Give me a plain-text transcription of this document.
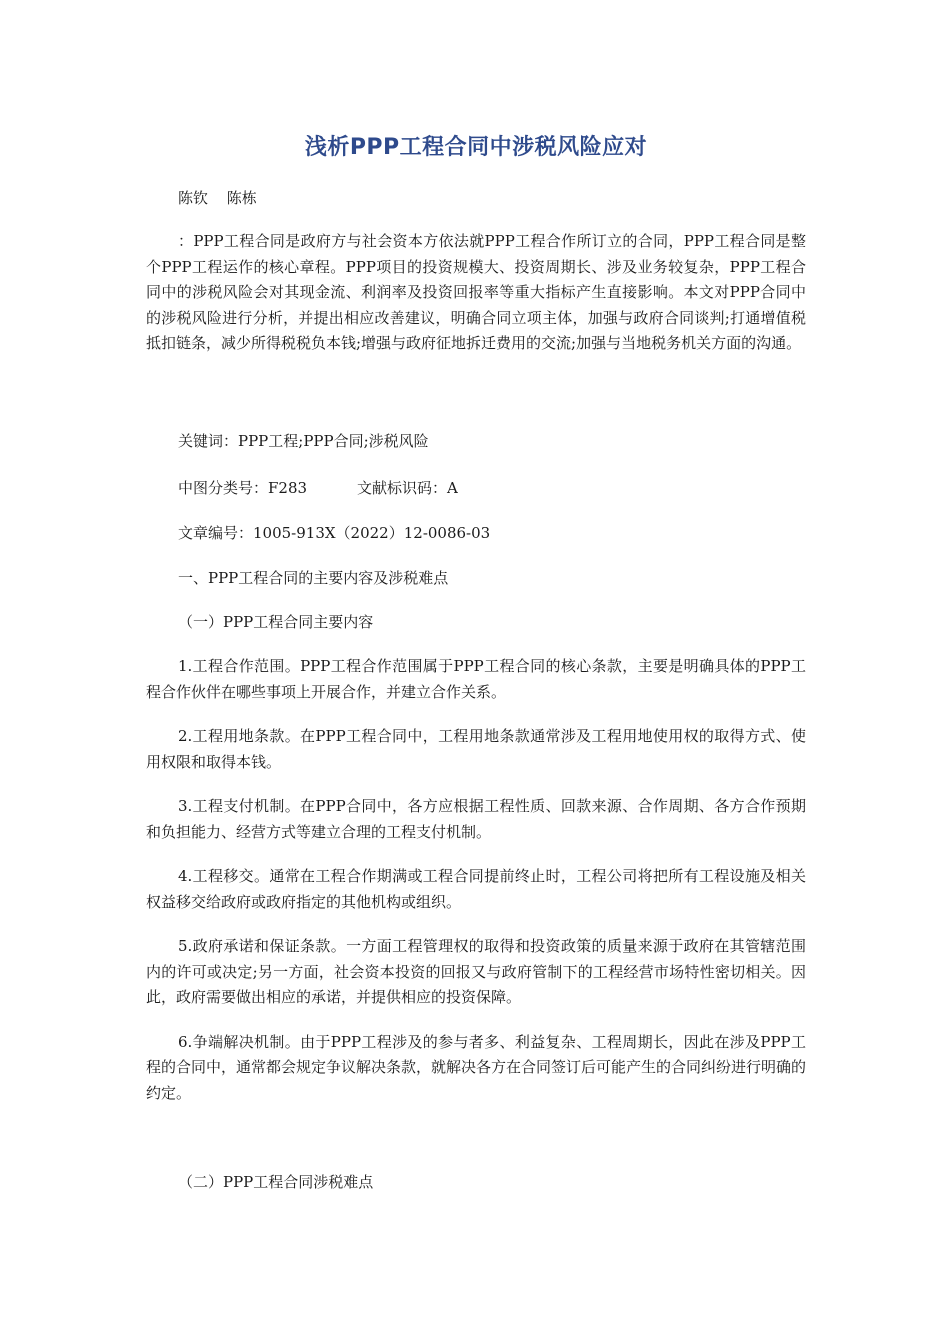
浅析PPP工程合同中涉税风险应对
陈钦 陈栋

：PPP工程合同是政府方与社会资本方依法就PPP工程合作所订立的合同，PPP工程合同是整个PPP工程运作的核心章程。PPP项目的投资规模大、投资周期长、涉及业务较复杂，PPP工程合同中的涉税风险会对其现金流、利润率及投资回报率等重大指标产生直接影响。本文对PPP合同中的涉税风险进行分析，并提出相应改善建议，明确合同立项主体，加强与政府合同谈判;打通增值税抵扣链条，减少所得税税负本钱;增强与政府征地拆迁费用的交流;加强与当地税务机关方面的沟通。

关键词：PPP工程;PPP合同;涉税风险
中图分类号：F283	文献标识码：A
文章编号：1005-913X（2022）12-0086-03
一、PPP工程合同的主要内容及涉税难点
（一）PPP工程合同主要内容

1.工程合作范围。PPP工程合作范围属于PPP工程合同的核心条款，主要是明确具体的PPP工程合作伙伴在哪些事项上开展合作，并建立合作关系。

2.工程用地条款。在PPP工程合同中，工程用地条款通常涉及工程用地使用权的取得方式、使用权限和取得本钱。

3.工程支付机制。在PPP合同中，各方应根据工程性质、回款来源、合作周期、各方合作预期和负担能力、经营方式等建立合理的工程支付机制。

4.工程移交。通常在工程合作期满或工程合同提前终止时，工程公司将把所有工程设施及相关权益移交给政府或政府指定的其他机构或组织。

5.政府承诺和保证条款。一方面工程管理权的取得和投资政策的质量来源于政府在其管辖范围内的许可或决定;另一方面，社会资本投资的回报又与政府管制下的工程经营市场特性密切相关。因此，政府需要做出相应的承诺，并提供相应的投资保障。

6.争端解决机制。由于PPP工程涉及的参与者多、利益复杂、工程周期长，因此在涉及PPP工程的合同中，通常都会规定争议解决条款，就解决各方在合同签订后可能产生的合同纠纷进行明确的约定。

（二）PPP工程合同涉税难点
